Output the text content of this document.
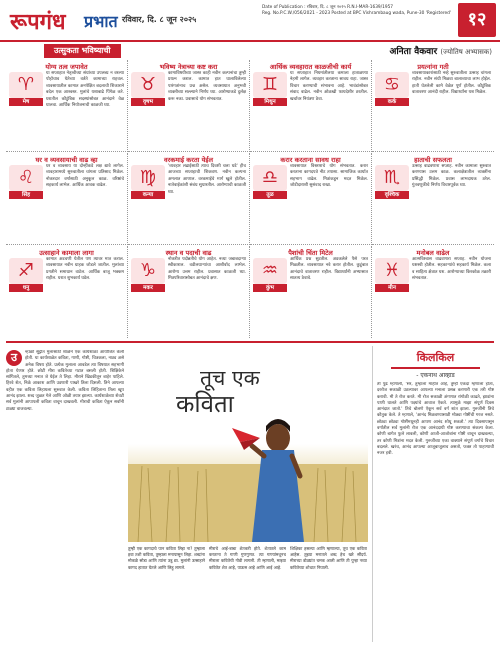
रूपगंध प्रभात रविवार, दि. ८ जून २०२५
Date of Publication : रविवार, दि. ८ जून २०२५ R.N.I-MAR-1639/1957
Reg. No.P.C.W./056/2021 - 2023 Posted at BPC Vishrambaug wada, Pune-30 'Registered' १२
उत्सुकता भविष्याची	अनिता वैकवार (ज्योतिष अभ्यासक)
योग्य तत्व जपावेत
♈
मेष
या सप्ताहात नेतृत्वीच्या संधांच्या उपलब्ध न वरल्या पोहोचाव येतेच्या वर्तते कामाच्या राहवल. व्यवसायातील कामात अनपेक्षित बदलाची शिकाराने बदेल एक आश्वस्त. मुलांचे यशाबाढे पिंगेळ करे. घरातील कौटुंबिक सदस्यांसोबत आनंदाने वेळ घालवा. आर्थिक नियोजनाची काळजी घ्या.
भविष्य नेत्राच्या कष्ट करा
♉
वृषभ
कामाविषयीच्या जास्त काही नवीन कल्पनांचा तुम्ही प्रयत्न कराल. कामात हात घालाविलेल्या पारंगतांनाच प्रश्न असेल. व्यवसायात अनुभवी व्यक्तीच्या सल्ल्याने निर्णय घ्या. आरोग्याकडे दुर्लक्ष करू नका. प्रवासाचे योग संभवतात.
आर्थिक व्यवहारात काळजीची कार्य
♊
मिथुन
या सप्ताहात नियमांतीलया कमाला हाताळण्या नेहमी लागेल. व्यवहार करताना सावध राहा. जास्त विचार करण्याची संभावना आहे. भावंडांसोबत संवाद वाढेल. नवीन ओळखी फायदेशीर ठरतील. खर्चावर नियंत्रण ठेवा.
प्रयत्नांना गती
♋
कर्क
व्यवसायाकारांसाठी नव्हे सुरुवातीला उत्साह चांगला राहील. नवीन संधी मिळवा बालाव्याचा लाभ होईल. हाती घेतलेली कामे वेळेत पूर्ण होतील. कौटुंबिक वातावरण आनंदी राहील. विद्यार्थ्यांना यश मिळेल.
घर व व्यवसायाची वाढ व्हा
♌
सिंह
घर व व्यवसाय या दोन्हींकडे लक्ष द्यावे लागेल. व्यवहारामध्ये सुरुवातीला चांगला प्रतिसाद मिळेल. नोकरदार वर्गासाठी अनुकूल काळ. वरिष्ठांचे सहकार्य लाभेल. आर्थिक आवक वाढेल.
वरकमाई करता येईल
♍
कन्या
'व्यवहार लढाईसाठी त्याच दिवशी चला घडे' हीच आजच्या सप्ताहाची शिकवण. नवीन कल्पना अमलात आणाल. वरकमाईचे मार्ग खुले होतील. नातेवाईकांशी संबंध सुधारतील. आरोग्याची काळजी घ्या.
करार करताना सावध राहा
♎
तूळ
व्यवसायात विस्ताराचे योग संभवतात. करार करताना कागदपत्रे नीट तपासा. सामाजिक कार्यात सहभाग वाढेल. मित्रांकडून मदत मिळेल. जोडीदाराशी सुसंवाद राखा.
हाताची सफलता
♏
वृश्चिक
उत्साह वाढवणारा सप्ताह. नवीन कामाला सुरुवात करण्यास उत्तम काळ. कलाक्षेत्रातील व्यक्तींना प्रसिद्धी मिळेल. प्रवास लाभदायक ठरेल. गुंतवणुकीचे निर्णय विचारपूर्वक घ्या.
उत्साहाने कामाला लागा
♐
धनु
कामात अडचणी येतील पण त्यावर मात कराल. व्यवसायात नवीन ग्राहक जोडले जातील. मुलांच्या प्रगतीने समाधान वाटेल. आर्थिक बाजू भक्कम राहील. घरात शुभकार्य घडेल.
स्थान व पदाची वाढ
♑
मकर
नोकरीत पदोन्नतीचे योग आहेत. नव्या जबाबदाऱ्या स्वीकाराल. वडीलधाऱ्यांचा आशीर्वाद लाभेल. आरोग्य उत्तम राहील. प्रवासात काळजी घ्या. मित्रपरिवारासोबत आनंदाचे क्षण.
पैशांची चिंता मिटेल
♒
कुंभ
आर्थिक प्रश्न सुटतील. अडकलेले पैसे परत मिळतील. व्यवसायात नवे करार होतील. कुटुंबात आनंदाचे वातावरण राहील. विद्यार्थ्यांनी अभ्यासात सातत्य ठेवावे.
मनोबल वाढेल
♓
मीन
आत्मविश्वास वाढवणारा सप्ताह. नवीन योजना यशस्वी होतील. सहकाऱ्यांचे सहकार्य मिळेल. कला व साहित्य क्षेत्रात यश. आरोग्याच्या किरकोळ तक्रारी संभवतात.
उ	न्हाळी सुट्टीत मुलांसाठी शाळेने एक कार्यशाळा आयोजित केली होती. या कार्यशाळेत कविता, गाणी, गोष्टी, चित्रकला, नाट्य असे अनेक विषय होते. प्रत्येक मुलाला आवडेल त्या विषयात सहभागी होता येणार होते. छोटी मीरा कवितेच्या गटात बसली होती. शिक्षिकेने सांगितले, तुमच्या मनात जे येईल ते लिहा. मीराने खिडकीतून बाहेर पाहिले. हिरवे शेत, निळे आकाश आणि उडणारी पाखरे तिला दिसली. तिने आपल्या वहीत एक कविता लिहायला सुरुवात केली. कविता लिहिताना तिला खूप आनंद झाला. शब्द जुळत गेले आणि ओळी तयार झाल्या. कार्यशाळेच्या शेवटी सर्व मुलांनी आपापली कविता वाचून दाखवली. मीराची कविता ऐकून सर्वांनी टाळ्या वाजवल्या.
तूच एक
कविता
तुम्ही एक कागदाचे पान कविता लिहा ना? तुम्हाला हवा तशी कविता, तुम्हाला मनापासून लिहा. शब्दांना मोकळे सोडा आणि त्यांना उडू द्या. मुलांनी उत्साहाने कागद हातात घेतले आणि लिहू लागले.
मीराचे आई-बाबा शेतकरी होते. शेतातले काम करताना ते गाणी गुणगुणत. त्या गाण्यांमधूनच मीराला कवितेची गोडी लागली. ती म्हणाली, माझ्या कवितेत शेत आहे, पाऊस आहे आणि आई आहे.
शिक्षिका हसल्या आणि म्हणाल्या, तूच एक कविता आहेस. तुझ्या मनातले शब्द हेच खरे सौंदर्य. मीराच्या डोळ्यांत चमक आली आणि ती पुन्हा नव्या कवितेच्या शोधात निघाली.
किलकिल
- एकनाथ आव्हाड
ती पुढे म्हणाली, 'सर, तुम्हाला माहीत आहे, तुम्ही एकदा म्हणाला होता, दररोज सकाळी उठल्यावर आपल्या मनाला प्रसन्न करणारी एक तरी गोष्ट करावी. मी ते रोज करते. मी रोज सकाळी अंगणात रांगोळी काढते, झाडांना पाणी घालते आणि पक्ष्यांचे आवाज ऐकते. त्यामुळे माझा संपूर्ण दिवस आनंदात जातो.' तिचे बोलणे ऐकून सर्व वर्ग शांत झाला. गुरुजींनी तिचे कौतुक केले. ते म्हणाले, 'आनंद मिळवण्यासाठी मोठ्या गोष्टींची गरज नसते. छोट्या छोट्या गोष्टींमधूनही आपण आनंद शोधू शकतो.' त्या दिवसापासून वर्गातील सर्व मुलांनी रोज एक आनंददायी गोष्ट करण्याचा संकल्प केला. कोणी बागेत फुले लावली, कोणी आजी-आजोबांना गोष्टी वाचून दाखवल्या, तर कोणी मित्रांना मदत केली. गुरुजींच्या एका वाक्याने संपूर्ण वर्गाचे विचार बदलले. खरंच, आनंद आपल्या आजूबाजूलाच असतो, फक्त तो पाहण्याची नजर हवी.
